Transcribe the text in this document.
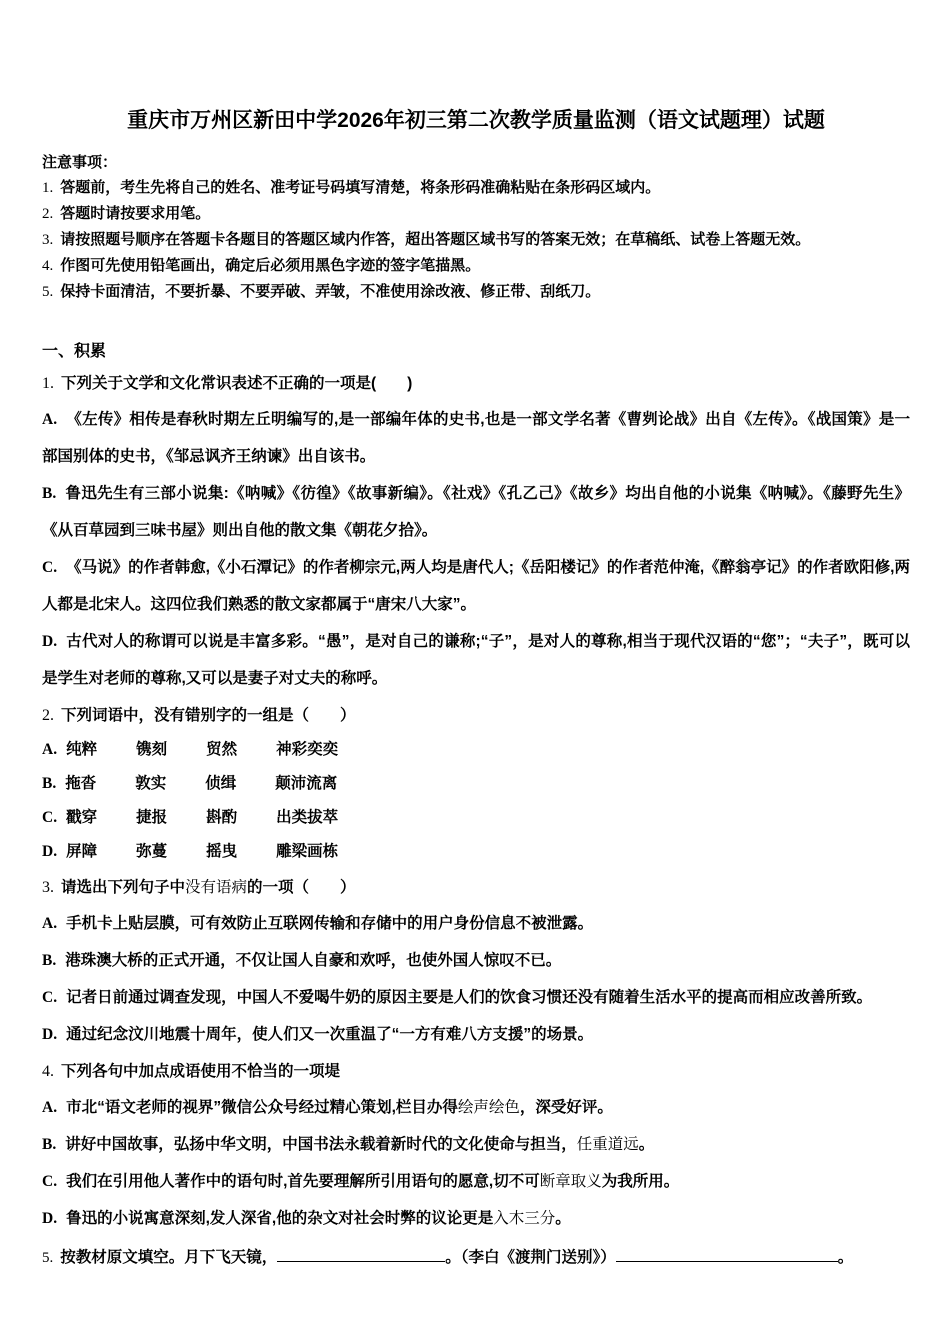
重庆市万州区新田中学2026年初三第二次教学质量监测（语文试题理）试题
注意事项：
1. 答题前，考生先将自己的姓名、准考证号码填写清楚，将条形码准确粘贴在条形码区域内。
2. 答题时请按要求用笔。
3. 请按照题号顺序在答题卡各题目的答题区域内作答，超出答题区域书写的答案无效；在草稿纸、试卷上答题无效。
4. 作图可先使用铅笔画出，确定后必须用黑色字迹的签字笔描黑。
5. 保持卡面清洁，不要折暴、不要弄破、弄皱，不准使用涂改液、修正带、刮纸刀。
一、积累
1. 下列关于文学和文化常识表述不正确的一项是(　　)

A. 《左传》相传是春秋时期左丘明编写的,是一部编年体的史书,也是一部文学名著《曹刿论战》出自《左传》。《战国策》是一部国别体的史书，《邹忌讽齐王纳谏》出自该书。

B. 鲁迅先生有三部小说集:《呐喊》《彷徨》《故事新编》。《社戏》《孔乙己》《故乡》均出自他的小说集《呐喊》。《藤野先生》《从百草园到三味书屋》则出自他的散文集《朝花夕拾》。

C. 《马说》的作者韩愈,《小石潭记》的作者柳宗元,两人均是唐代人;《岳阳楼记》的作者范仲淹,《醉翁亭记》的作者欧阳修,两人都是北宋人。这四位我们熟悉的散文家都属于“唐宋八大家”。

D. 古代对人的称谓可以说是丰富多彩。“愚”，是对自己的谦称;“子”，是对人的尊称,相当于现代汉语的“您”；“夫子”，既可以是学生对老师的尊称,又可以是妻子对丈夫的称呼。

2. 下列词语中，没有错别字的一组是（　　）
A. 纯粹	镌刻	贸然	神彩奕奕
B. 拖沓	敦实	侦缉	颠沛流离
C. 戳穿	捷报	斟酌	出类拔萃
D. 屏障	弥蔓	摇曳	雕梁画栋
3. 请选出下列句子中没有语病的一项（　　）

A. 手机卡上贴层膜，可有效防止互联网传输和存储中的用户身份信息不被泄露。

B. 港珠澳大桥的正式开通，不仅让国人自豪和欢呼，也使外国人惊叹不已。

C. 记者日前通过调查发现，中国人不爱喝牛奶的原因主要是人们的饮食习惯还没有随着生活水平的提高而相应改善所致。

D. 通过纪念汶川地震十周年，使人们又一次重温了“一方有难八方支援”的场景。

4. 下列各句中加点成语使用不恰当的一项堤

A. 市北“语文老师的视界”微信公众号经过精心策划,栏目办得绘声绘色，深受好评。

B. 讲好中国故事，弘扬中华文明，中国书法永载着新时代的文化使命与担当，任重道远。

C. 我们在引用他人著作中的语句时,首先要理解所引用语句的愿意,切不可断章取义为我所用。

D. 鲁迅的小说寓意深刻,发人深省,他的杂文对社会时弊的议论更是入木三分。

5. 按教材原文填空。月下飞天镜，	。（李白《渡荆门送别》）	。
